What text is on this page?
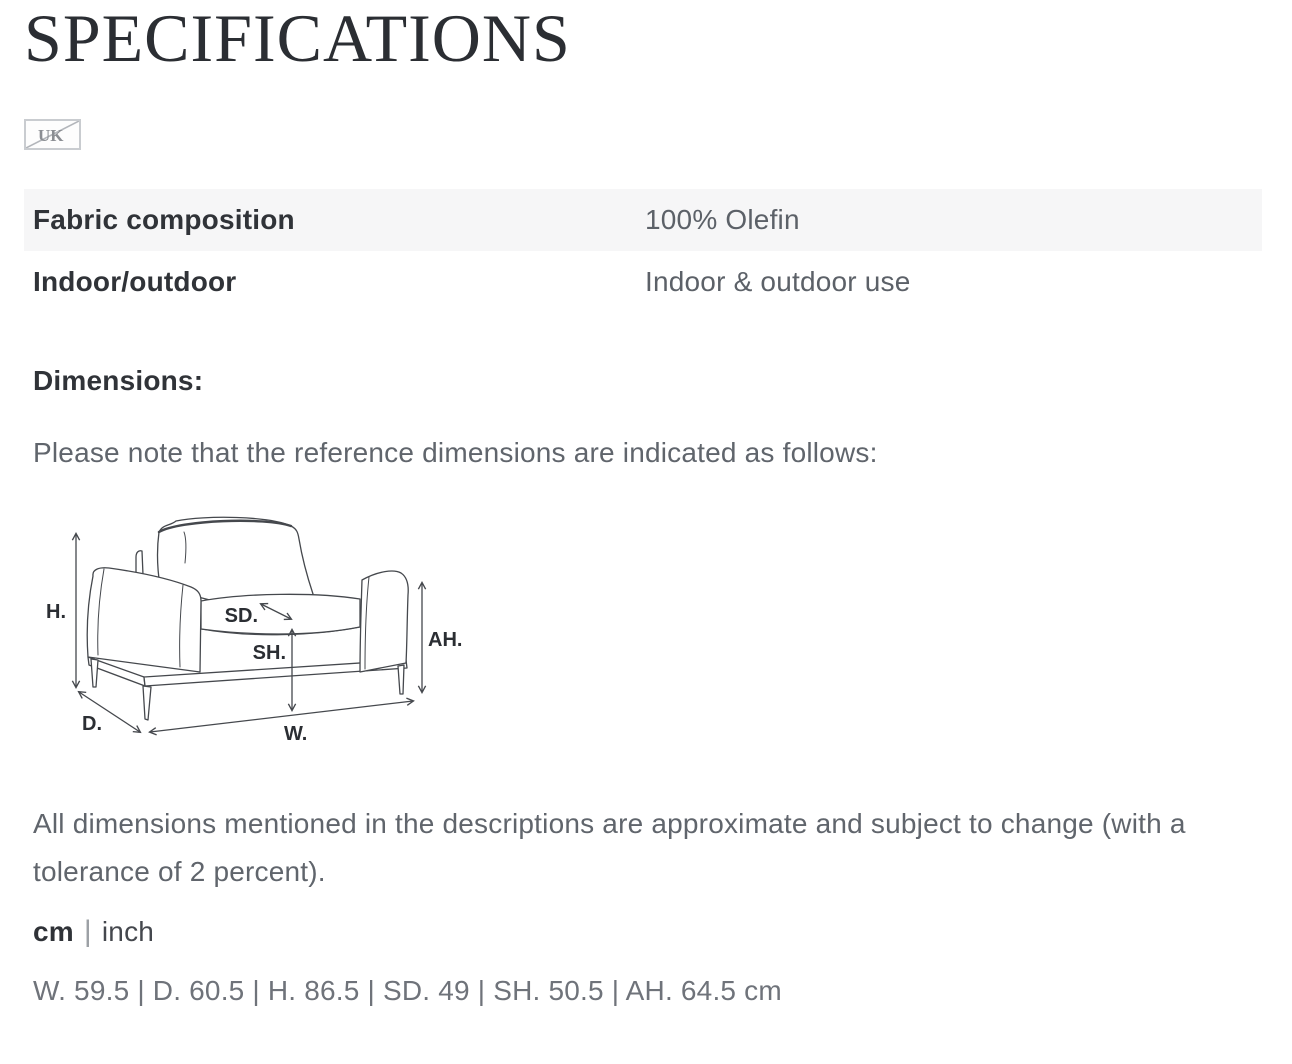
SPECIFICATIONS
UK
Fabric composition	100% Olefin
Indoor/outdoor	Indoor & outdoor use
Dimensions:
Please note that the reference dimensions are indicated as follows:
H.
D.	W.
SD.
SH.
AH.
All dimensions mentioned in the descriptions are approximate and subject to change (with a
tolerance of 2 percent).
cm | inch
W. 59.5 | D. 60.5 | H. 86.5 | SD. 49 | SH. 50.5 | AH. 64.5 cm
